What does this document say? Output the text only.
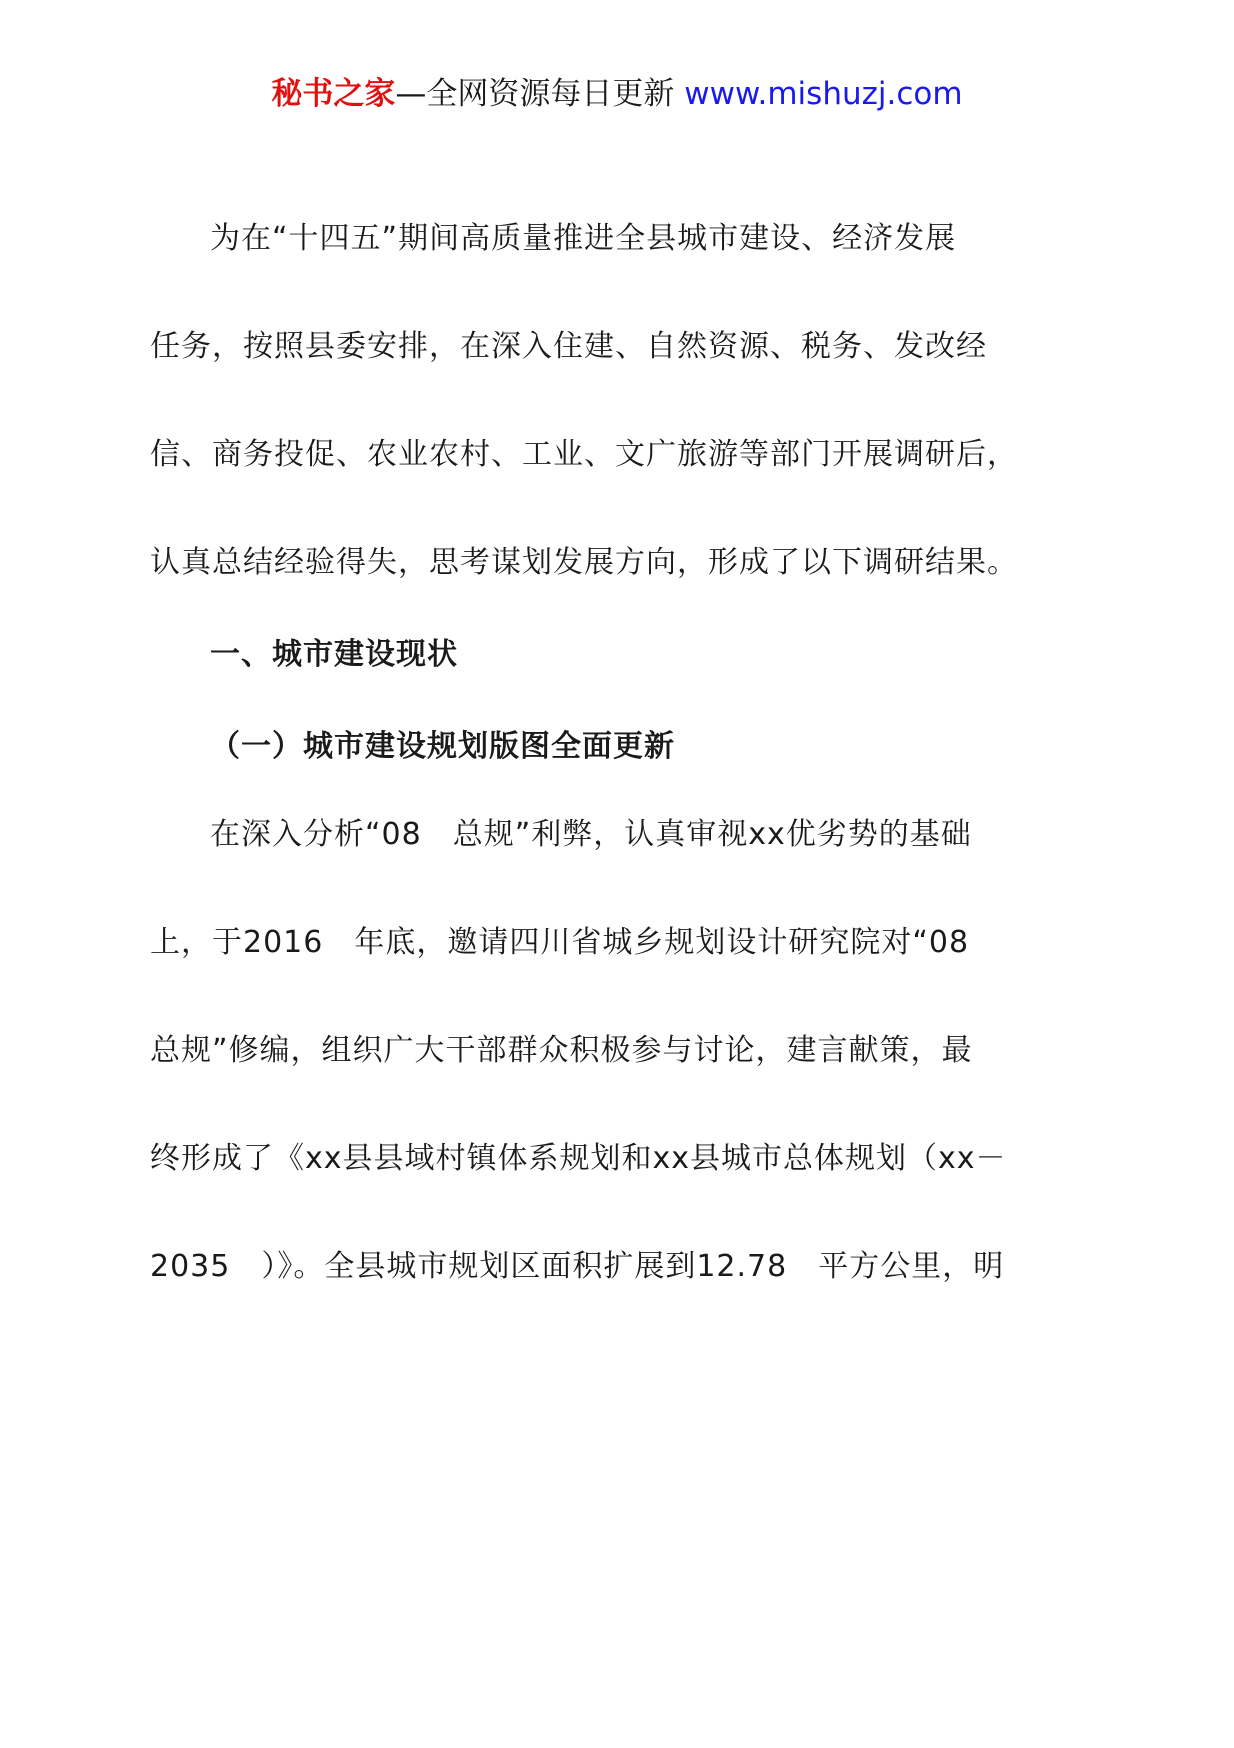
秘书之家—全网资源每日更新 www.mishuzj.com
为在“十四五”期间高质量推进全县城市建设、经济发展
任务，按照县委安排，在深入住建、自然资源、税务、发改经
信、商务投促、农业农村、工业、文广旅游等部门开展调研后，
认真总结经验得失，思考谋划发展方向，形成了以下调研结果。
一、城市建设现状
（一）城市建设规划版图全面更新
在深入分析“08　总规”利弊，认真审视xx优劣势的基础
上，于2016　年底，邀请四川省城乡规划设计研究院对“08
总规”修编，组织广大干部群众积极参与讨论，建言献策，最
终形成了《xx县县域村镇体系规划和xx县城市总体规划（xx－
2035　）》。全县城市规划区面积扩展到12.78　平方公里，明
